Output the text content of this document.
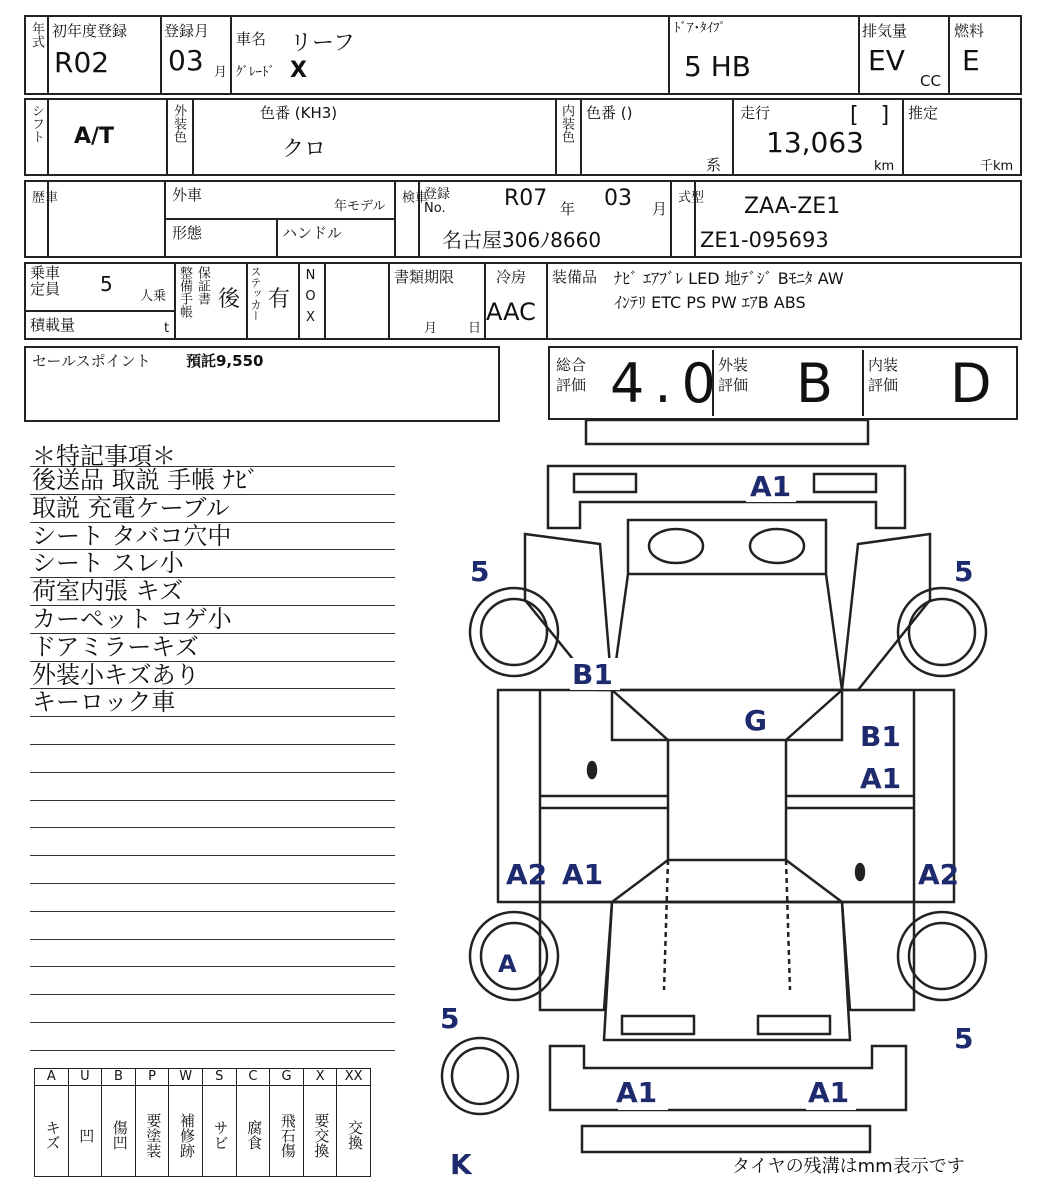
年式 初年度登録
R02
登録月
03 月
車名 リーフ
ｸﾞﾚｰﾄﾞ X
ﾄﾞｱ･ﾀｲﾌﾟ
5 HB
排気量
EV
CC
燃料
E
シフト A/T	外装色	色番 (KH3)
クロ
内装色 色番 ()
系
走行	[　]
13,063
km
推定
千km
車歴	外車
年モデル
形態	ハンドル
車検 登録No.	R07 年 03 月
名古屋306ﾉ8660
型式	ZAA-ZE1
ZE1-095693
乗車定員	5
人乗
積載量	t
整備手帳 保証書 後 ステッカー 有 NOX	書類期限
月 日
冷房
AAC
装備品 ﾅﾋﾞ ｴｱﾌﾞﾚ LED 地ﾃﾞｼﾞ Bﾓﾆﾀ AW
ｲﾝﾃﾘ ETC PS PW ｴｱB ABS
セールスポイント 預託9,550	総合評価 4.0
外装評価 B 内装評価 D
＊特記事項＊
後送品 取説 手帳 ﾅﾋﾞ
取説 充電ケーブル
シート タバコ穴中
シート スレ小
荷室内張 キズ
カーペット コゲ小
ドアミラーキズ
外装小キズあり
キーロック車
A
キズ
U
凹
B
傷凹
P
要塗装
W
補修跡
S
サビ
C
腐食
G
飛石傷
X
要交換
XX
交換
A1
5	5
B1
G	B1
A1
A2 A1	A2
A
5
5
A1	A1
K	タイヤの残溝はmm表示です
